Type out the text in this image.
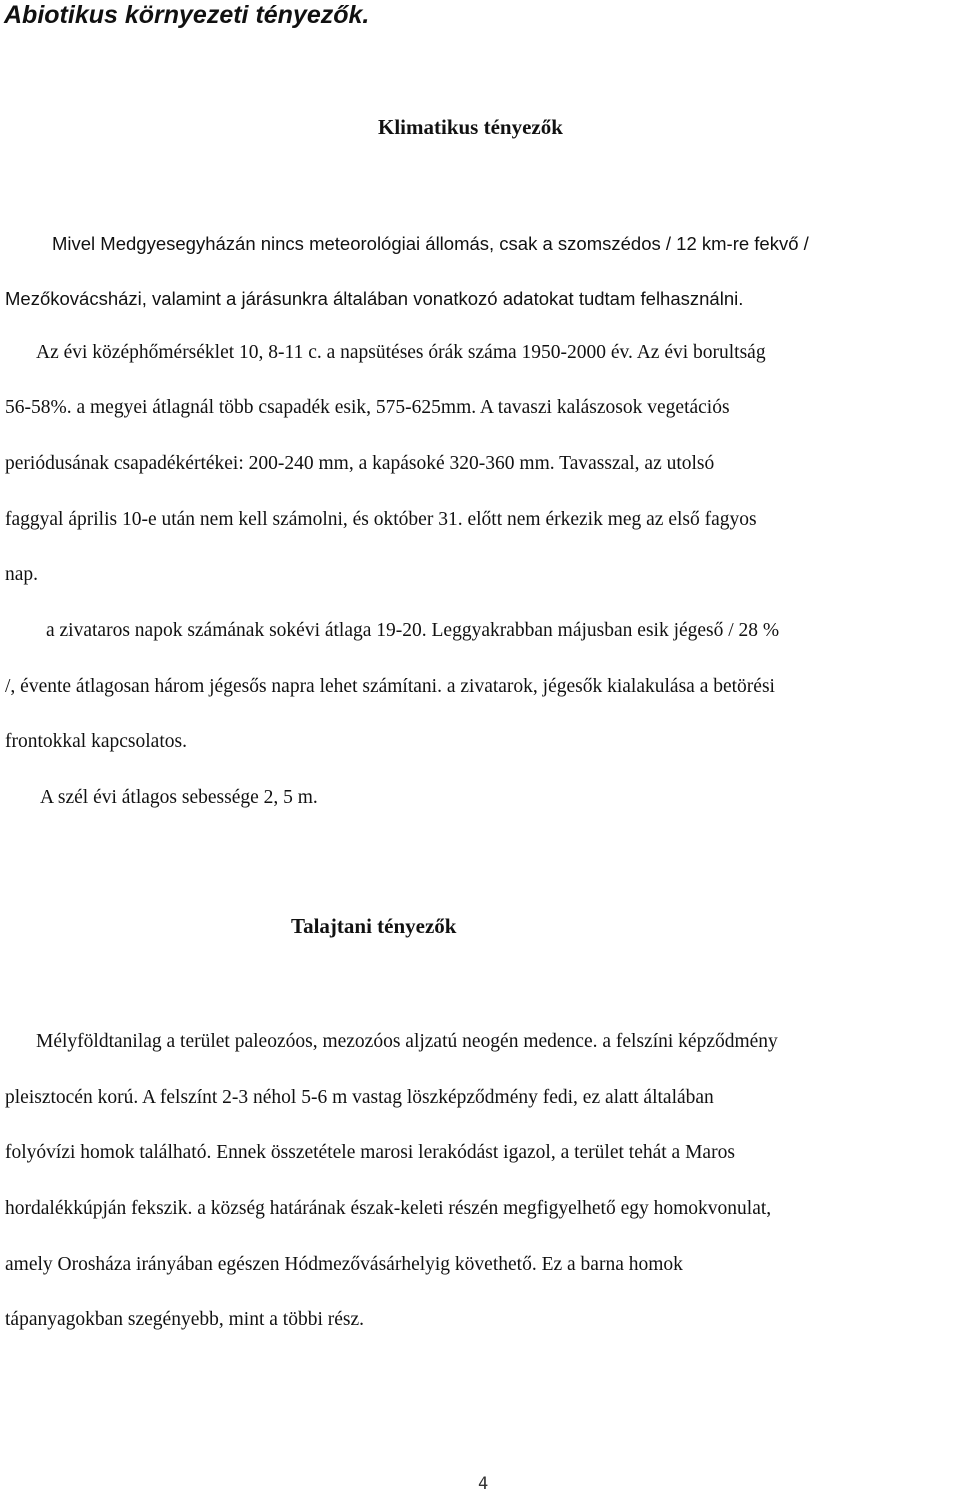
Abiotikus környezeti tényezők.
Klimatikus tényezők
Mivel Medgyesegyházán nincs meteorológiai állomás, csak a szomszédos / 12 km-re fekvő /
Mezőkovácsházi, valamint a járásunkra általában vonatkozó adatokat tudtam felhasználni.
Az évi középhőmérséklet 10, 8-11 c. a napsütéses órák száma 1950-2000 év. Az évi borultság
56-58%. a megyei átlagnál több csapadék esik, 575-625mm. A tavaszi kalászosok vegetációs
periódusának csapadékértékei: 200-240 mm, a kapásoké 320-360 mm. Tavasszal, az utolsó
faggyal április 10-e után nem kell számolni, és október 31. előtt nem érkezik meg az első fagyos
nap.
a zivataros napok számának sokévi átlaga 19-20. Leggyakrabban májusban esik jégeső / 28 %
/, évente átlagosan három jégesős napra lehet számítani. a zivatarok, jégesők kialakulása a betörési
frontokkal kapcsolatos.
A szél évi átlagos sebessége 2, 5 m.
Talajtani tényezők
Mélyföldtanilag a terület paleozóos, mezozóos aljzatú neogén medence. a felszíni képződmény
pleisztocén korú. A felszínt 2-3 néhol 5-6 m vastag löszképződmény fedi, ez alatt általában
folyóvízi homok található. Ennek összetétele marosi lerakódást igazol, a terület tehát a Maros
hordalékkúpján fekszik. a község határának észak-keleti részén megfigyelhető egy homokvonulat,
amely Orosháza irányában egészen Hódmezővásárhelyig követhető. Ez a barna homok
tápanyagokban szegényebb, mint a többi rész.
4
